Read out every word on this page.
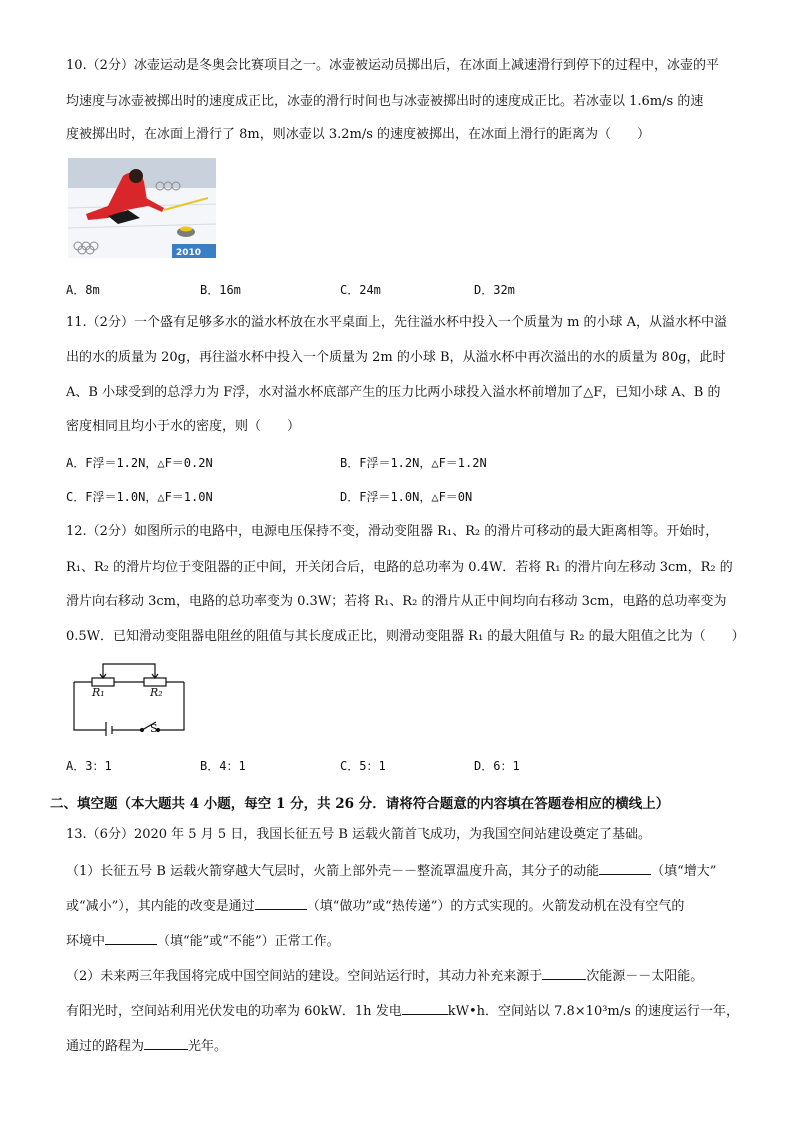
10.（2分）冰壶运动是冬奥会比赛项目之一。冰壶被运动员掷出后，在冰面上减速滑行到停下的过程中，冰壶的平
均速度与冰壶被掷出时的速度成正比，冰壶的滑行时间也与冰壶被掷出时的速度成正比。若冰壶以 1.6m/s 的速
度被掷出时，在冰面上滑行了 8m，则冰壶以 3.2m/s 的速度被掷出，在冰面上滑行的距离为（　　）
2010
A．8m	B．16m	C．24m	D．32m
11.（2分）一个盛有足够多水的溢水杯放在水平桌面上，先往溢水杯中投入一个质量为 m 的小球 A，从溢水杯中溢
出的水的质量为 20g，再往溢水杯中投入一个质量为 2m 的小球 B，从溢水杯中再次溢出的水的质量为 80g，此时
A、B 小球受到的总浮力为 F浮，水对溢水杯底部产生的压力比两小球投入溢水杯前增加了△F，已知小球 A、B 的
密度相同且均小于水的密度，则（　　）
A．F浮＝1.2N，△F＝0.2N	B．F浮＝1.2N，△F＝1.2N
C．F浮＝1.0N，△F＝1.0N	D．F浮＝1.0N，△F＝0N
12.（2分）如图所示的电路中，电源电压保持不变，滑动变阻器 R₁、R₂ 的滑片可移动的最大距离相等。开始时，
R₁、R₂ 的滑片均位于变阻器的正中间，开关闭合后，电路的总功率为 0.4W．若将 R₁ 的滑片向左移动 3cm，R₂ 的
滑片向右移动 3cm，电路的总功率变为 0.3W；若将 R₁、R₂ 的滑片从正中间均向右移动 3cm，电路的总功率变为
0.5W．已知滑动变阻器电阻丝的阻值与其长度成正比，则滑动变阻器 R₁ 的最大阻值与 R₂ 的最大阻值之比为（　　）
R₁	R₂
S
A．3：1	B．4：1	C．5：1	D．6：1
二、填空题（本大题共 4 小题，每空 1 分，共 26 分．请将符合题意的内容填在答题卷相应的横线上）
13.（6分）2020 年 5 月 5 日，我国长征五号 B 运载火箭首飞成功，为我国空间站建设奠定了基础。
（1）长征五号 B 运载火箭穿越大气层时，火箭上部外壳－－整流罩温度升高，其分子的动能	（填“增大”
或“减小”），其内能的改变是通过	（填“做功”或“热传递”）的方式实现的。火箭发动机在没有空气的
环境中	（填“能”或“不能”）正常工作。
（2）未来两三年我国将完成中国空间站的建设。空间站运行时，其动力补充来源于	次能源－－太阳能。
有阳光时，空间站利用光伏发电的功率为 60kW．1h 发电	kW•h．空间站以 7.8×10³m/s 的速度运行一年，
通过的路程为	光年。
